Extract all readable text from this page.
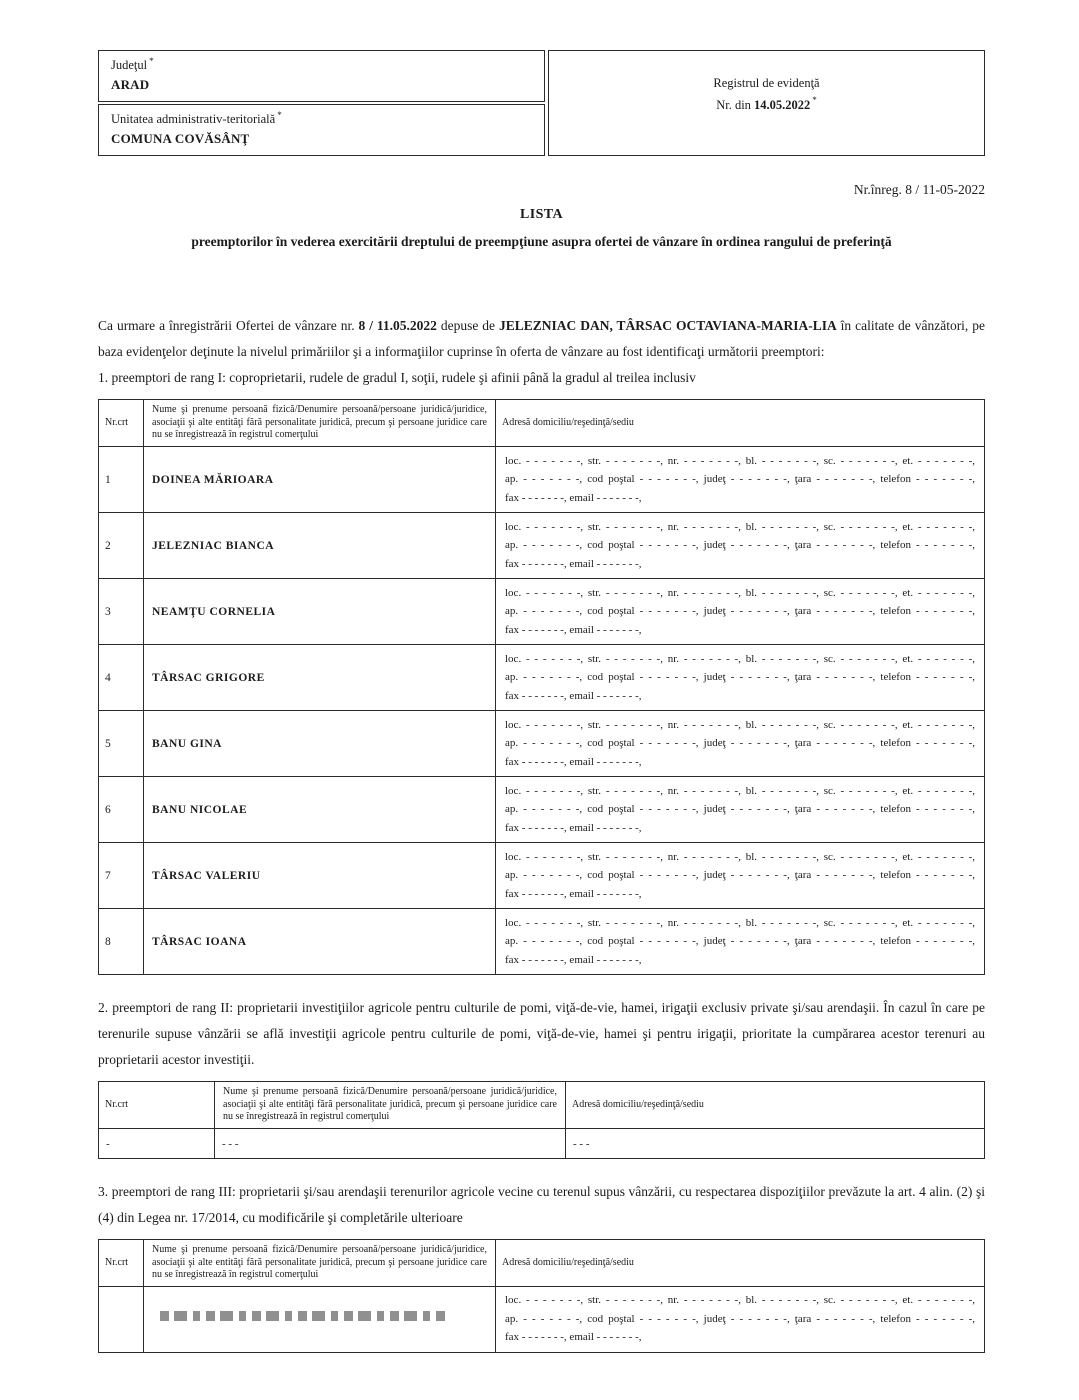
Judeţul *
ARAD
Unitatea administrativ-teritorială *
COMUNA COVĂSÂNŢ
Registrul de evidenţă
Nr. din 14.05.2022 *
Nr.înreg. 8 / 11-05-2022
LISTA
preemptorilor în vederea exercitării dreptului de preempţiune asupra ofertei de vânzare în ordinea rangului de preferinţă

Ca urmare a înregistrării Ofertei de vânzare nr. 8 / 11.05.2022 depuse de JELEZNIAC DAN, TÂRSAC OCTAVIANA-MARIA-LIA în calitate de vânzători, pe baza evidenţelor deţinute la nivelul primăriilor şi a informaţiilor cuprinse în oferta de vânzare au fost identificaţi următorii preemptori:

1. preemptori de rang I: coproprietarii, rudele de gradul I, soţii, rudele şi afinii până la gradul al treilea inclusiv
Nr.crt	Nume şi prenume persoană fizică/Denumire persoană/persoane juridică/juridice, asociaţii şi alte entităţi fără personalitate juridică, precum şi persoane juridice care nu se înregistrează în registrul comerţului	Adresă domiciliu/reşedinţă/sediu
1	DOINEA MĂRIOARA	loc. - - - - - - -, str. - - - - - - -, nr. - - - - - - -, bl. - - - - - - -, sc. - - - - - - -, et. - - - - - - -,
ap. - - - - - - -, cod poştal - - - - - - -, judeţ - - - - - - -, ţara - - - - - - -, telefon - - - - - - -,
fax - - - - - - -, email - - - - - - -,

2	JELEZNIAC BIANCA	loc. - - - - - - -, str. - - - - - - -, nr. - - - - - - -, bl. - - - - - - -, sc. - - - - - - -, et. - - - - - - -,
ap. - - - - - - -, cod poştal - - - - - - -, judeţ - - - - - - -, ţara - - - - - - -, telefon - - - - - - -,
fax - - - - - - -, email - - - - - - -,

3	NEAMŢU CORNELIA	loc. - - - - - - -, str. - - - - - - -, nr. - - - - - - -, bl. - - - - - - -, sc. - - - - - - -, et. - - - - - - -,
ap. - - - - - - -, cod poştal - - - - - - -, judeţ - - - - - - -, ţara - - - - - - -, telefon - - - - - - -,
fax - - - - - - -, email - - - - - - -,

4	TÂRSAC GRIGORE	loc. - - - - - - -, str. - - - - - - -, nr. - - - - - - -, bl. - - - - - - -, sc. - - - - - - -, et. - - - - - - -,
ap. - - - - - - -, cod poştal - - - - - - -, judeţ - - - - - - -, ţara - - - - - - -, telefon - - - - - - -,
fax - - - - - - -, email - - - - - - -,

5	BANU GINA	loc. - - - - - - -, str. - - - - - - -, nr. - - - - - - -, bl. - - - - - - -, sc. - - - - - - -, et. - - - - - - -,
ap. - - - - - - -, cod poştal - - - - - - -, judeţ - - - - - - -, ţara - - - - - - -, telefon - - - - - - -,
fax - - - - - - -, email - - - - - - -,

6	BANU NICOLAE	loc. - - - - - - -, str. - - - - - - -, nr. - - - - - - -, bl. - - - - - - -, sc. - - - - - - -, et. - - - - - - -,
ap. - - - - - - -, cod poştal - - - - - - -, judeţ - - - - - - -, ţara - - - - - - -, telefon - - - - - - -,
fax - - - - - - -, email - - - - - - -,

7	TÂRSAC VALERIU	loc. - - - - - - -, str. - - - - - - -, nr. - - - - - - -, bl. - - - - - - -, sc. - - - - - - -, et. - - - - - - -,
ap. - - - - - - -, cod poştal - - - - - - -, judeţ - - - - - - -, ţara - - - - - - -, telefon - - - - - - -,
fax - - - - - - -, email - - - - - - -,

8	TÂRSAC IOANA	loc. - - - - - - -, str. - - - - - - -, nr. - - - - - - -, bl. - - - - - - -, sc. - - - - - - -, et. - - - - - - -,
ap. - - - - - - -, cod poştal - - - - - - -, judeţ - - - - - - -, ţara - - - - - - -, telefon - - - - - - -,
fax - - - - - - -, email - - - - - - -,

2. preemptori de rang II: proprietarii investiţiilor agricole pentru culturile de pomi, viţă-de-vie, hamei, irigaţii exclusiv private şi/sau arendaşii. În cazul în care pe terenurile supuse vânzării se află investiţii agricole pentru culturile de pomi, viţă-de-vie, hamei şi pentru irigaţii, prioritate la cumpărarea acestor terenuri au proprietarii acestor investiţii.

Nr.crt	Nume şi prenume persoană fizică/Denumire persoană/persoane juridică/juridice, asociaţii şi alte entităţi fără personalitate juridică, precum şi persoane juridice care nu se înregistrează în registrul comerţului	Adresă domiciliu/reşedinţă/sediu
-	- - -	- - -

3. preemptori de rang III: proprietarii şi/sau arendaşii terenurilor agricole vecine cu terenul supus vânzării, cu respectarea dispoziţiilor prevăzute la art. 4 alin. (2) şi (4) din Legea nr. 17/2014, cu modificările şi completările ulterioare

Nr.crt	Nume şi prenume persoană fizică/Denumire persoană/persoane juridică/juridice, asociaţii şi alte entităţi fără personalitate juridică, precum şi persoane juridice care nu se înregistrează în registrul comerţului	Adresă domiciliu/reşedinţă/sediu

		loc. - - - - - - -, str. - - - - - - -, nr. - - - - - - -, bl. - - - - - - -, sc. - - - - - - -, et. - - - - - - -,
ap. - - - - - - -, cod poştal - - - - - - -, judeţ - - - - - - -, ţara - - - - - - -, telefon - - - - - - -,
fax - - - - - - -, email - - - - - - -,
